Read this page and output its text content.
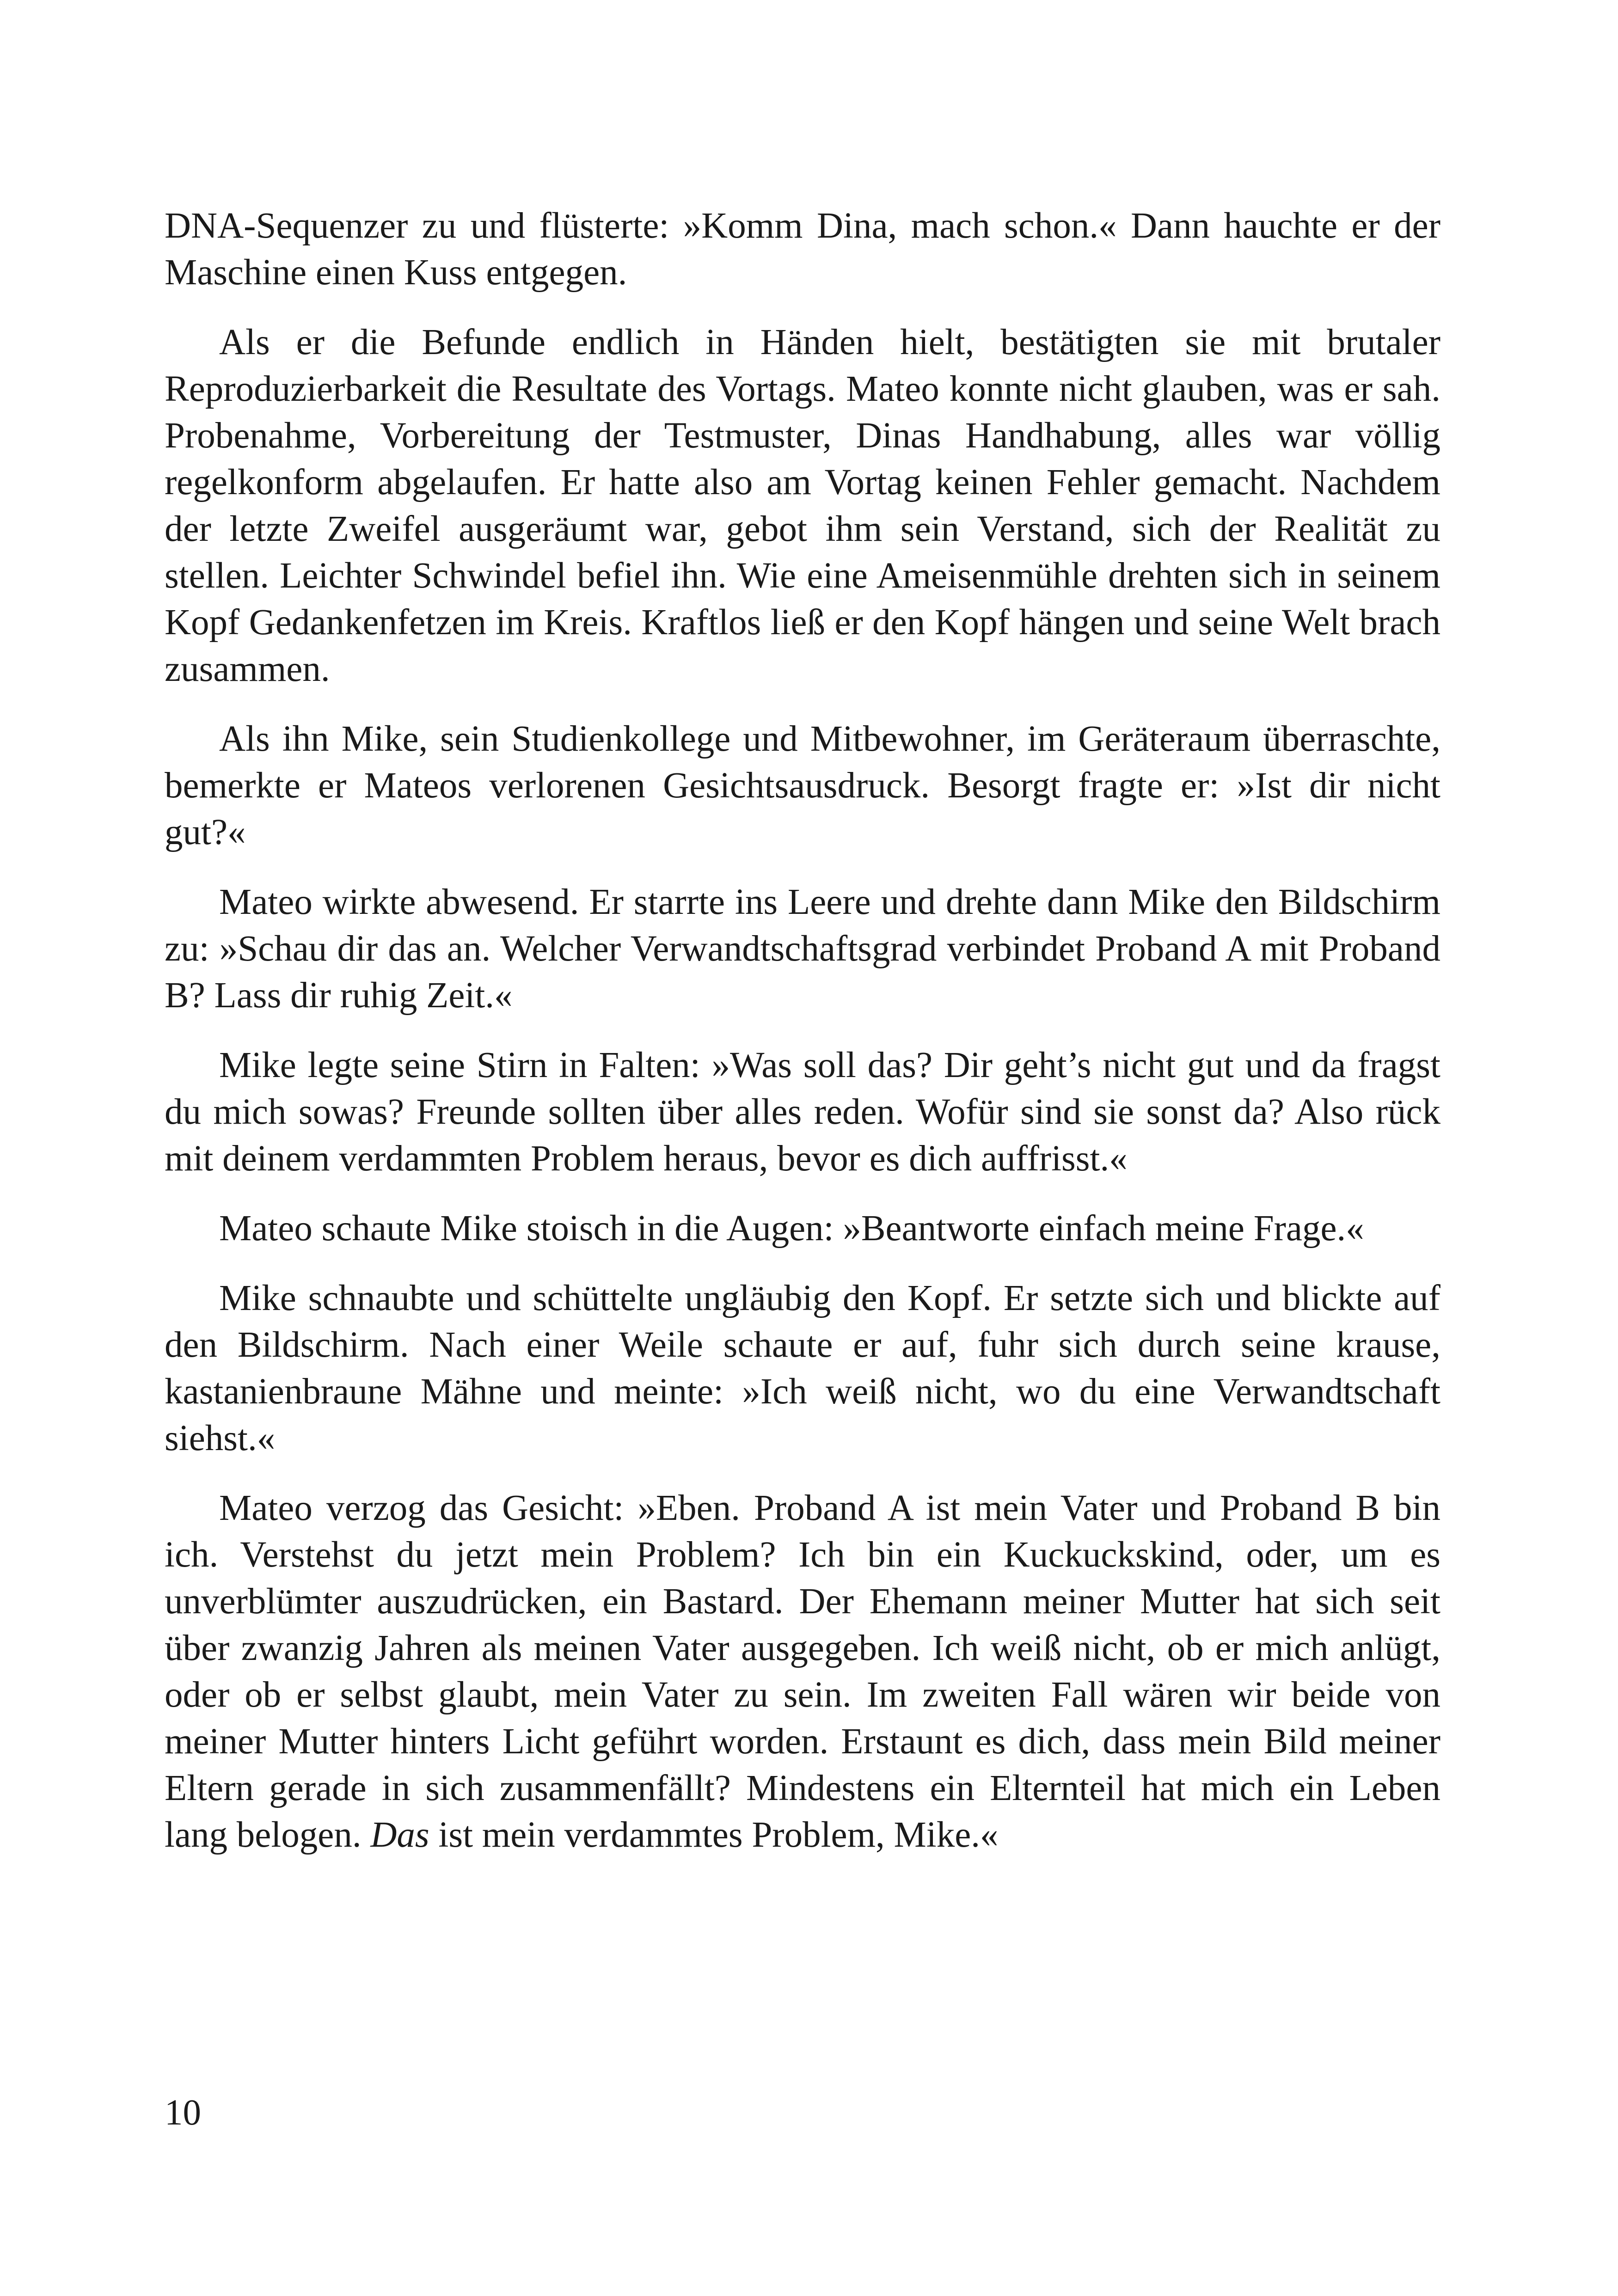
DNA-Sequenzer zu und flüsterte: »Komm Dina, mach schon.« Dann hauchte er der Maschine einen Kuss entgegen.

Als er die Befunde endlich in Händen hielt, bestätigten sie mit brutaler Reproduzierbarkeit die Resultate des Vortags. Mateo konnte nicht glauben, was er sah. Probenahme, Vorbereitung der Testmuster, Dinas Handhabung, alles war völlig regelkonform abgelaufen. Er hatte also am Vortag keinen Fehler gemacht. Nachdem der letzte Zweifel ausgeräumt war, gebot ihm sein Verstand, sich der Realität zu stellen. Leichter Schwindel befiel ihn. Wie eine Ameisenmühle drehten sich in seinem Kopf Gedankenfetzen im Kreis. Kraftlos ließ er den Kopf hängen und seine Welt brach zusammen.

Als ihn Mike, sein Studienkollege und Mitbewohner, im Geräteraum überraschte, bemerkte er Mateos verlorenen Gesichtsausdruck. Besorgt fragte er: »Ist dir nicht gut?«

Mateo wirkte abwesend. Er starrte ins Leere und drehte dann Mike den Bildschirm zu: »Schau dir das an. Welcher Verwandtschaftsgrad verbindet Proband A mit Proband B? Lass dir ruhig Zeit.«

Mike legte seine Stirn in Falten: »Was soll das? Dir geht’s nicht gut und da fragst du mich sowas? Freunde sollten über alles reden. Wofür sind sie sonst da? Also rück mit deinem verdammten Problem heraus, bevor es dich auffrisst.«

Mateo schaute Mike stoisch in die Augen: »Beantworte einfach meine Frage.«

Mike schnaubte und schüttelte ungläubig den Kopf. Er setzte sich und blickte auf den Bildschirm. Nach einer Weile schaute er auf, fuhr sich durch seine krause, kastanienbraune Mähne und meinte: »Ich weiß nicht, wo du eine Verwandtschaft siehst.«

Mateo verzog das Gesicht: »Eben. Proband A ist mein Vater und Proband B bin ich. Verstehst du jetzt mein Problem? Ich bin ein Kuckuckskind, oder, um es unverblümter auszudrücken, ein Bastard. Der Ehemann meiner Mutter hat sich seit über zwanzig Jahren als meinen Vater ausgegeben. Ich weiß nicht, ob er mich anlügt, oder ob er selbst glaubt, mein Vater zu sein. Im zweiten Fall wären wir beide von meiner Mutter hinters Licht geführt worden. Erstaunt es dich, dass mein Bild meiner Eltern gerade in sich zusammenfällt? Mindestens ein Elternteil hat mich ein Leben lang belogen. Das ist mein verdammtes Problem, Mike.«

10
